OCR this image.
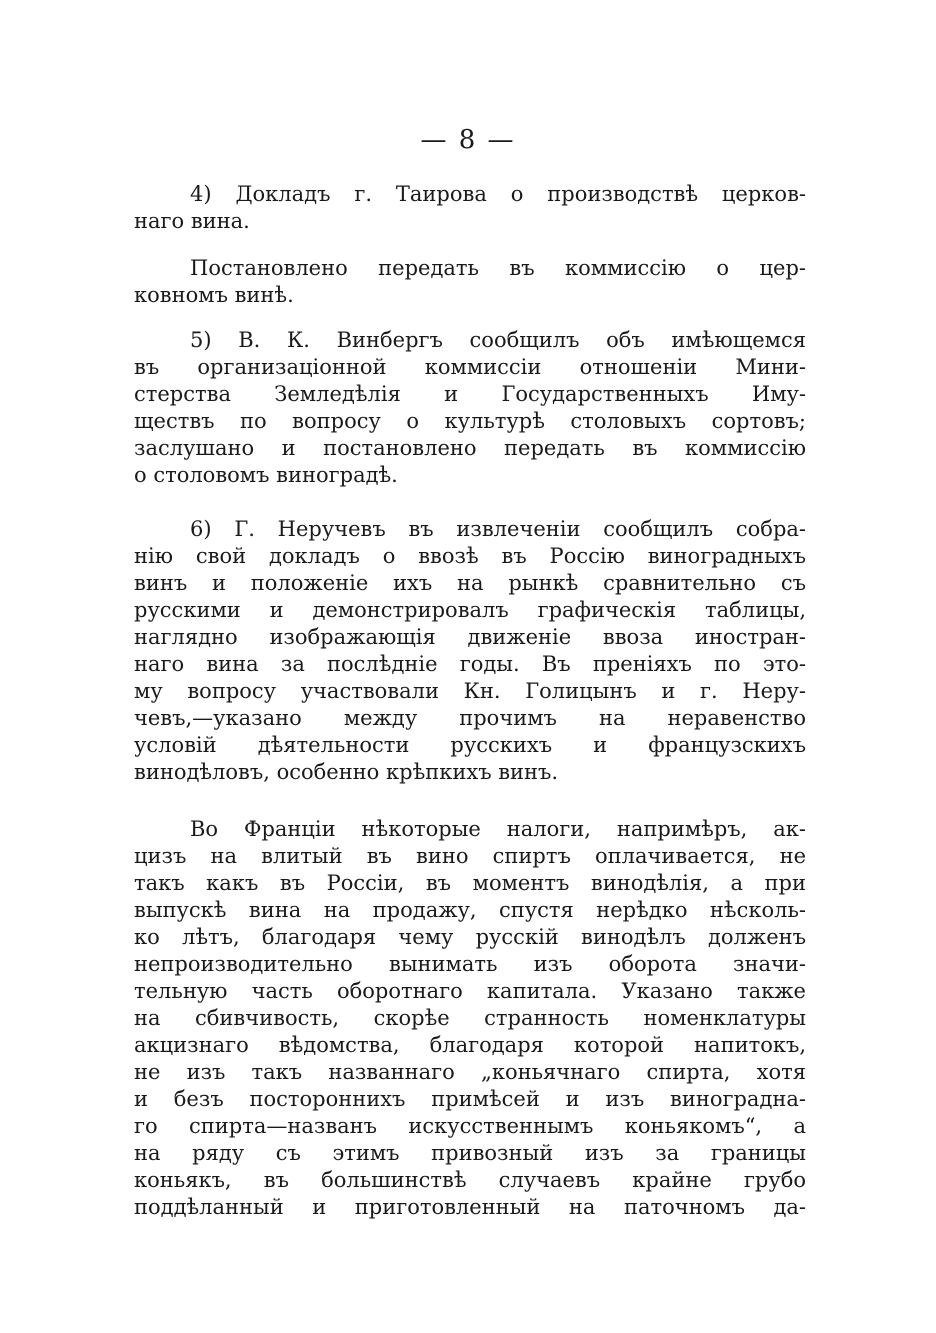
— 8 —
4) Докладъ г. Таирова о производствѣ церков-
наго вина.
Постановлено передать въ коммиссію о цер-
ковномъ винѣ.
5) В. К. Винбергъ сообщилъ объ имѣющемся
въ организаціонной коммиссіи отношеніи Мини-
стерства Земледѣлія и Государственныхъ Иму-
ществъ по вопросу о культурѣ столовыхъ сортовъ;
заслушано и постановлено передать въ коммиссію
о столовомъ виноградѣ.
6) Г. Неручевъ въ извлеченіи сообщилъ собра-
нію свой докладъ о ввозѣ въ Россію виноградныхъ
винъ и положеніе ихъ на рынкѣ сравнительно съ
русскими и демонстрировалъ графическія таблицы,
наглядно изображающія движеніе ввоза иностран-
наго вина за послѣдніе годы. Въ преніяхъ по это-
му вопросу участвовали Кн. Голицынъ и г. Неру-
чевъ,—указано между прочимъ на неравенство
условій дѣятельности русскихъ и французскихъ
винодѣловъ, особенно крѣпкихъ винъ.
Во Франціи нѣкоторые налоги, напримѣръ, ак-
цизъ на влитый въ вино спиртъ оплачивается, не
такъ какъ въ Россіи, въ моментъ винодѣлія, а при
выпускѣ вина на продажу, спустя нерѣдко нѣсколь-
ко лѣтъ, благодаря чему русскій винодѣлъ долженъ
непроизводительно вынимать изъ оборота значи-
тельную часть оборотнаго капитала. Указано также
на сбивчивость, скорѣе странность номенклатуры
акцизнаго вѣдомства, благодаря которой напитокъ,
не изъ такъ названнаго „коньячнаго спирта, хотя
и безъ постороннихъ примѣсей и изъ виноградна-
го спирта—названъ искусственнымъ коньякомъ“, а
на ряду съ этимъ привозный изъ за границы
коньякъ, въ большинствѣ случаевъ крайне грубо
поддѣланный и приготовленный на паточномъ да-
